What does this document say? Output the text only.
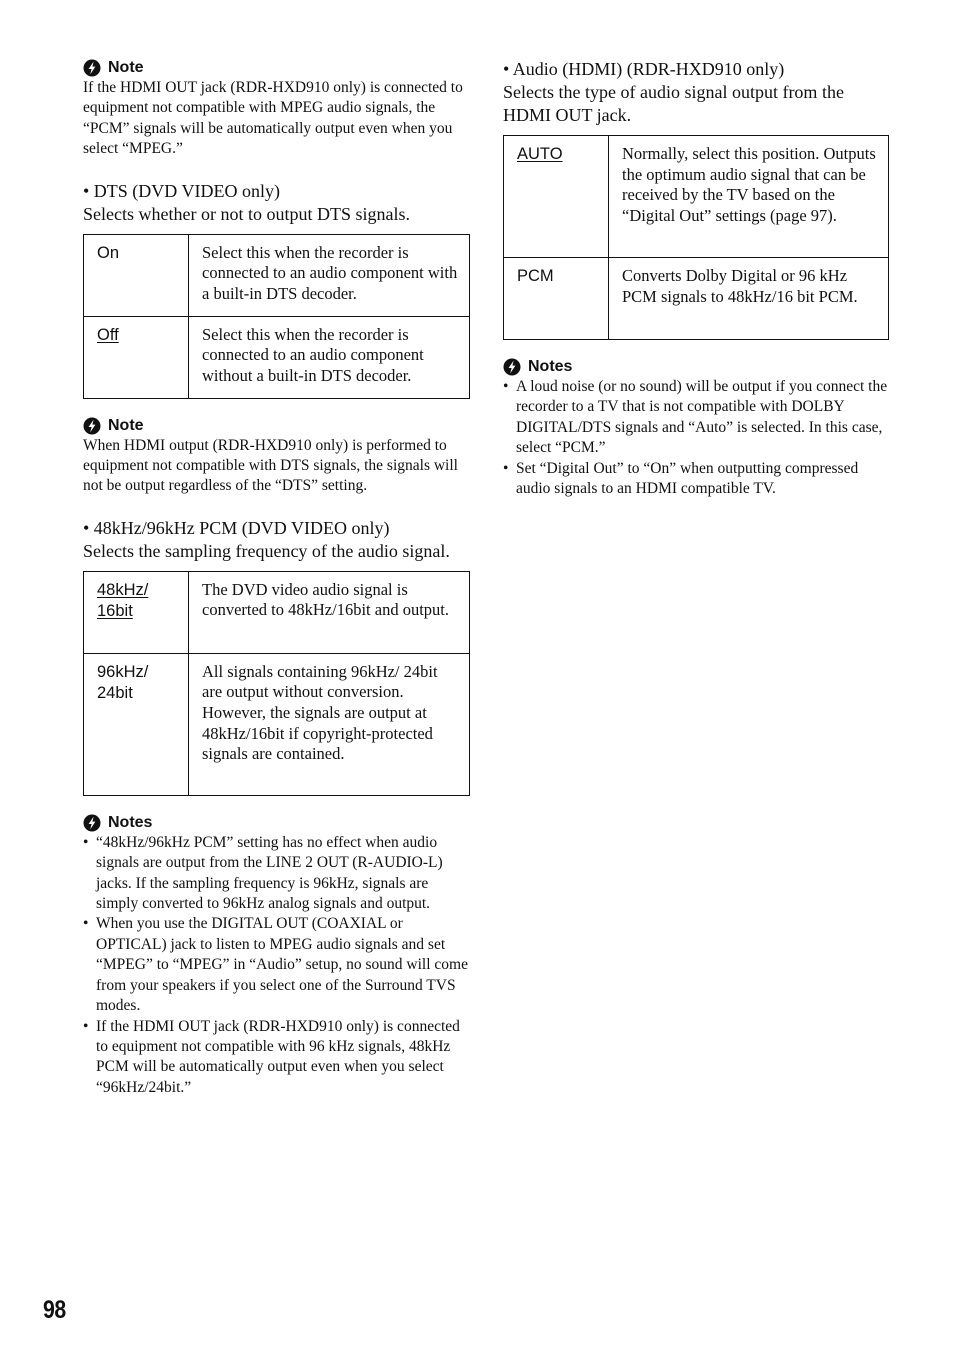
Note

If the HDMI OUT jack (RDR-HXD910 only) is connected to equipment not compatible with MPEG audio signals, the “PCM” signals will be automatically output even when you select “MPEG.”

• DTS (DVD VIDEO only)

Selects whether or not to output DTS signals.

On	Select this when the recorder is connected to an audio component with a built-in DTS decoder.
Off	Select this when the recorder is connected to an audio component without a built-in DTS decoder.

Note

When HDMI output (RDR-HXD910 only) is performed to equipment not compatible with DTS signals, the signals will not be output regardless of the “DTS” setting.

• 48kHz/96kHz PCM (DVD VIDEO only)

Selects the sampling frequency of the audio signal.

48kHz/
16bit	The DVD video audio signal is converted to 48kHz/16bit and output.
96kHz/
24bit	All signals containing 96kHz/ 24bit are output without conversion. However, the signals are output at 48kHz/16bit if copyright-protected signals are contained.

Notes

• “48kHz/96kHz PCM” setting has no effect when audio signals are output from the LINE 2 OUT (R-AUDIO-L) jacks. If the sampling frequency is 96kHz, signals are simply converted to 96kHz analog signals and output.
• When you use the DIGITAL OUT (COAXIAL or OPTICAL) jack to listen to MPEG audio signals and set “MPEG” to “MPEG” in “Audio” setup, no sound will come from your speakers if you select one of the Surround TVS modes.
• If the HDMI OUT jack (RDR-HXD910 only) is connected to equipment not compatible with 96 kHz signals, 48kHz PCM will be automatically output even when you select “96kHz/24bit.”

• Audio (HDMI) (RDR-HXD910 only)

Selects the type of audio signal output from the HDMI OUT jack.

AUTO	Normally, select this position. Outputs the optimum audio signal that can be received by the TV based on the “Digital Out” settings (page 97).
PCM	Converts Dolby Digital or 96 kHz PCM signals to 48kHz/16 bit PCM.

Notes

• A loud noise (or no sound) will be output if you connect the recorder to a TV that is not compatible with DOLBY DIGITAL/DTS signals and “Auto” is selected. In this case, select “PCM.”
• Set “Digital Out” to “On” when outputting compressed audio signals to an HDMI compatible TV.
98
